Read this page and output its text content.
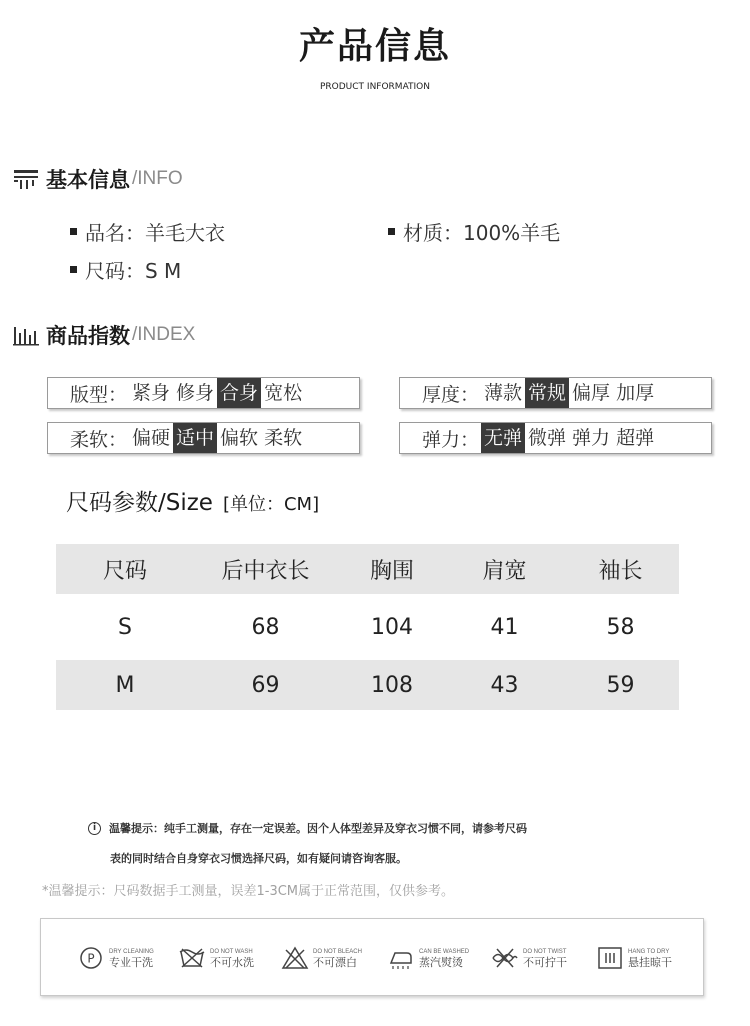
产品信息
PRODUCT INFORMATION
基本信息 /INFO
品名：羊毛大衣	材质：100%羊毛
尺码：S M
商品指数 /INDEX
版型： 紧身 修身 合身 宽松	厚度： 薄款 常规 偏厚 加厚
柔软： 偏硬 适中 偏软 柔软	弹力： 无弹 微弹 弹力 超弹
尺码参数/Size [单位：CM]
尺码	后中衣长	胸围	肩宽	袖长
S	68	104	41	58
M	69	108	43	59
i	温馨提示：纯手工测量，存在一定误差。因个人体型差异及穿衣习惯不同，请参考尺码
表的同时结合自身穿衣习惯选择尺码，如有疑问请咨询客服。
*温馨提示：尺码数据手工测量，误差1-3CM属于正常范围，仅供参考。
P DRY CLEANING
专业干洗
DO NOT WASH
不可水洗
DO NOT BLEACH
不可漂白
CAN BE WASHED
蒸汽熨烫
DO NOT TWIST
不可拧干
HANG TO DRY
悬挂晾干
